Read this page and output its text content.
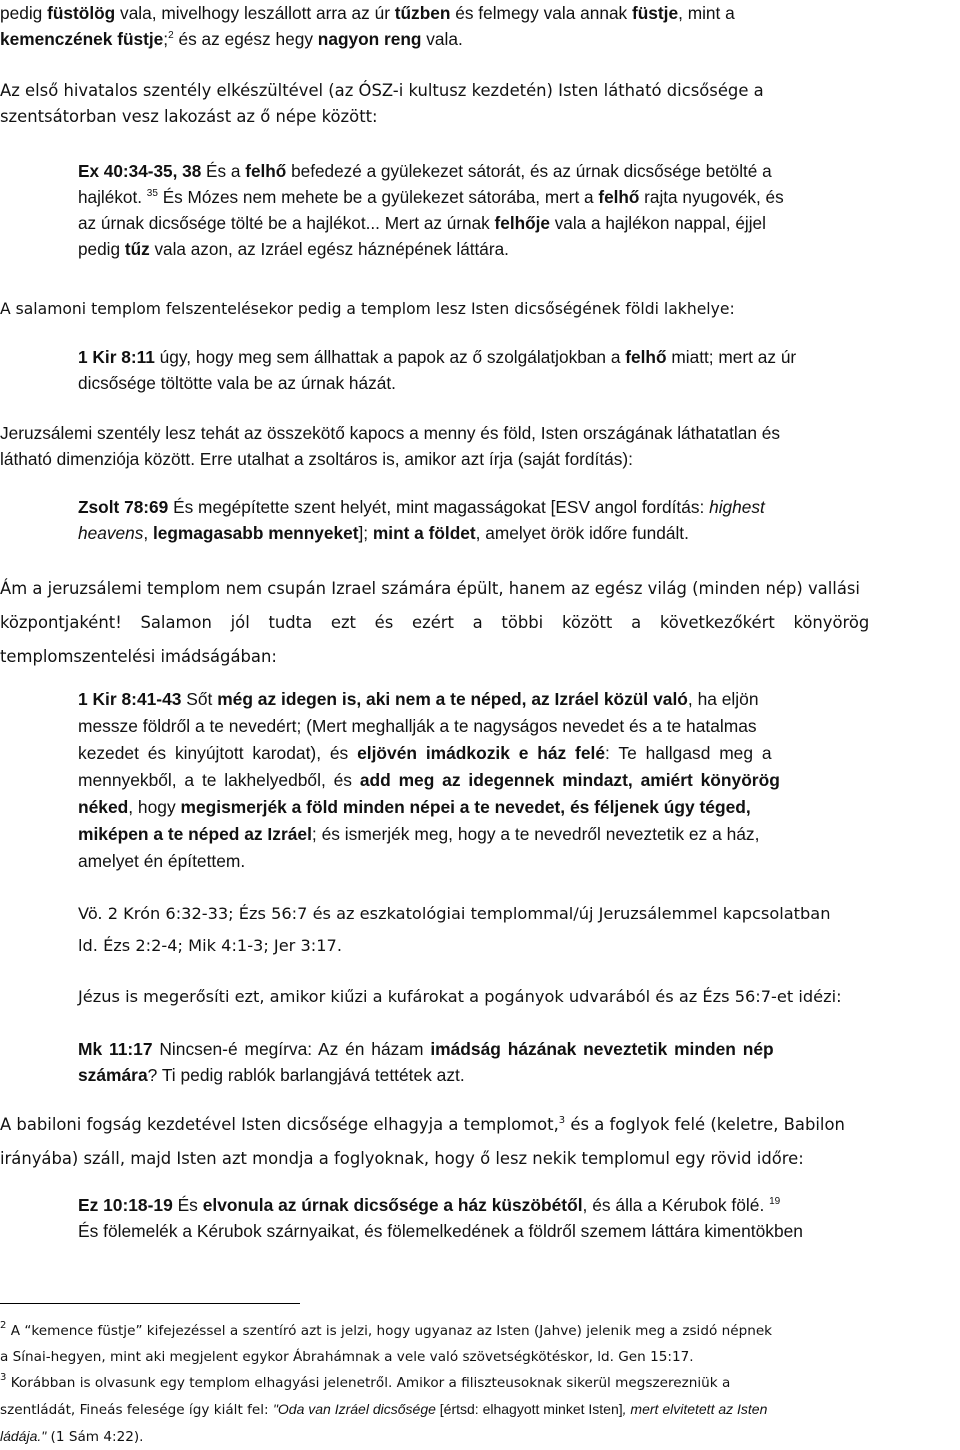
pedig füstölög vala, mivelhogy leszállott arra az úr tűzben és felmegy vala annak füstje, mint a
kemenczének füstje;$^2$ és az egész hegy nagyon reng vala.
Az első hivatalos szentély elkészültével (az ÓSZ-i kultusz kezdetén) Isten látható dicsősége a
szentsátorban vesz lakozást az ő népe között:
Ex 40:34-35, 38 És a felhő befedezé a gyülekezet sátorát, és az úrnak dicsősége betölté a
hajlékot. $^{35}$ És Mózes nem mehete be a gyülekezet sátorába, mert a felhő rajta nyugovék, és
az úrnak dicsősége tölté be a hajlékot... Mert az úrnak felhője vala a hajlékon nappal, éjjel
pedig tűz vala azon, az Izráel egész háznépének láttára.
A salamoni templom felszentelésekor pedig a templom lesz Isten dicsőségének földi lakhelye:
1 Kir 8:11 úgy, hogy meg sem állhattak a papok az ő szolgálatjokban a felhő miatt; mert az úr
dicsősége töltötte vala be az úrnak házát.
Jeruzsálemi szentély lesz tehát az összekötő kapocs a menny és föld, Isten országának láthatatlan és
látható dimenziója között. Erre utalhat a zsoltáros is, amikor azt írja (saját fordítás):
Zsolt 78:69 És megépítette szent helyét, mint magasságokat [ESV angol fordítás: highest
heavens, legmagasabb mennyeket]; mint a földet, amelyet örök időre fundált.
Ám a jeruzsálemi templom nem csupán Izrael számára épült, hanem az egész világ (minden nép) vallási
központjaként! Salamon jól tudta ezt és ezért a többi között a következőkért könyörög
templomszentelési imádságában:
1 Kir 8:41-43 Sőt még az idegen is, aki nem a te néped, az Izráel közül való, ha eljön
messze földről a te nevedért; (Mert meghallják a te nagyságos nevedet és a te hatalmas
kezedet és kinyújtott karodat), és eljövén imádkozik e ház felé: Te hallgasd meg a
mennyekből, a te lakhelyedből, és add meg az idegennek mindazt, amiért könyörög
néked, hogy megismerjék a föld minden népei a te nevedet, és féljenek úgy téged,
miképen a te néped az Izráel; és ismerjék meg, hogy a te nevedről neveztetik ez a ház,
amelyet én építettem.
Vö. 2 Krón 6:32-33; Ézs 56:7 és az eszkatológiai templommal/új Jeruzsálemmel kapcsolatban
ld. Ézs 2:2-4; Mik 4:1-3; Jer 3:17.
Jézus is megerősíti ezt, amikor kiűzi a kufárokat a pogányok udvarából és az Ézs 56:7-et idézi:
Mk 11:17 Nincsen-é megírva: Az én házam imádság házának neveztetik minden nép
számára? Ti pedig rablók barlangjává tettétek azt.
A babiloni fogság kezdetével Isten dicsősége elhagyja a templomot,$^3$ és a foglyok felé (keletre, Babilon
irányába) száll, majd Isten azt mondja a foglyoknak, hogy ő lesz nekik templomul egy rövid időre:
Ez 10:18-19 És elvonula az úrnak dicsősége a ház küszöbétől, és álla a Kérubok fölé. $^{19}$
És fölemelék a Kérubok szárnyaikat, és fölemelkedének a földről szemem láttára kimentökben
$^2$ A “kemence füstje” kifejezéssel a szentíró azt is jelzi, hogy ugyanaz az Isten (Jahve) jelenik meg a zsidó népnek
a Sínai-hegyen, mint aki megjelent egykor Ábrahámnak a vele való szövetségkötéskor, ld. Gen 15:17.
$^3$ Korábban is olvasunk egy templom elhagyási jelenetről. Amikor a filiszteusoknak sikerül megszerezniük a
szentládát, Fineás felesége így kiált fel: "Oda van Izráel dicsősége [értsd: elhagyott minket Isten], mert elvitetett az Isten
ládája." (1 Sám 4:22).
